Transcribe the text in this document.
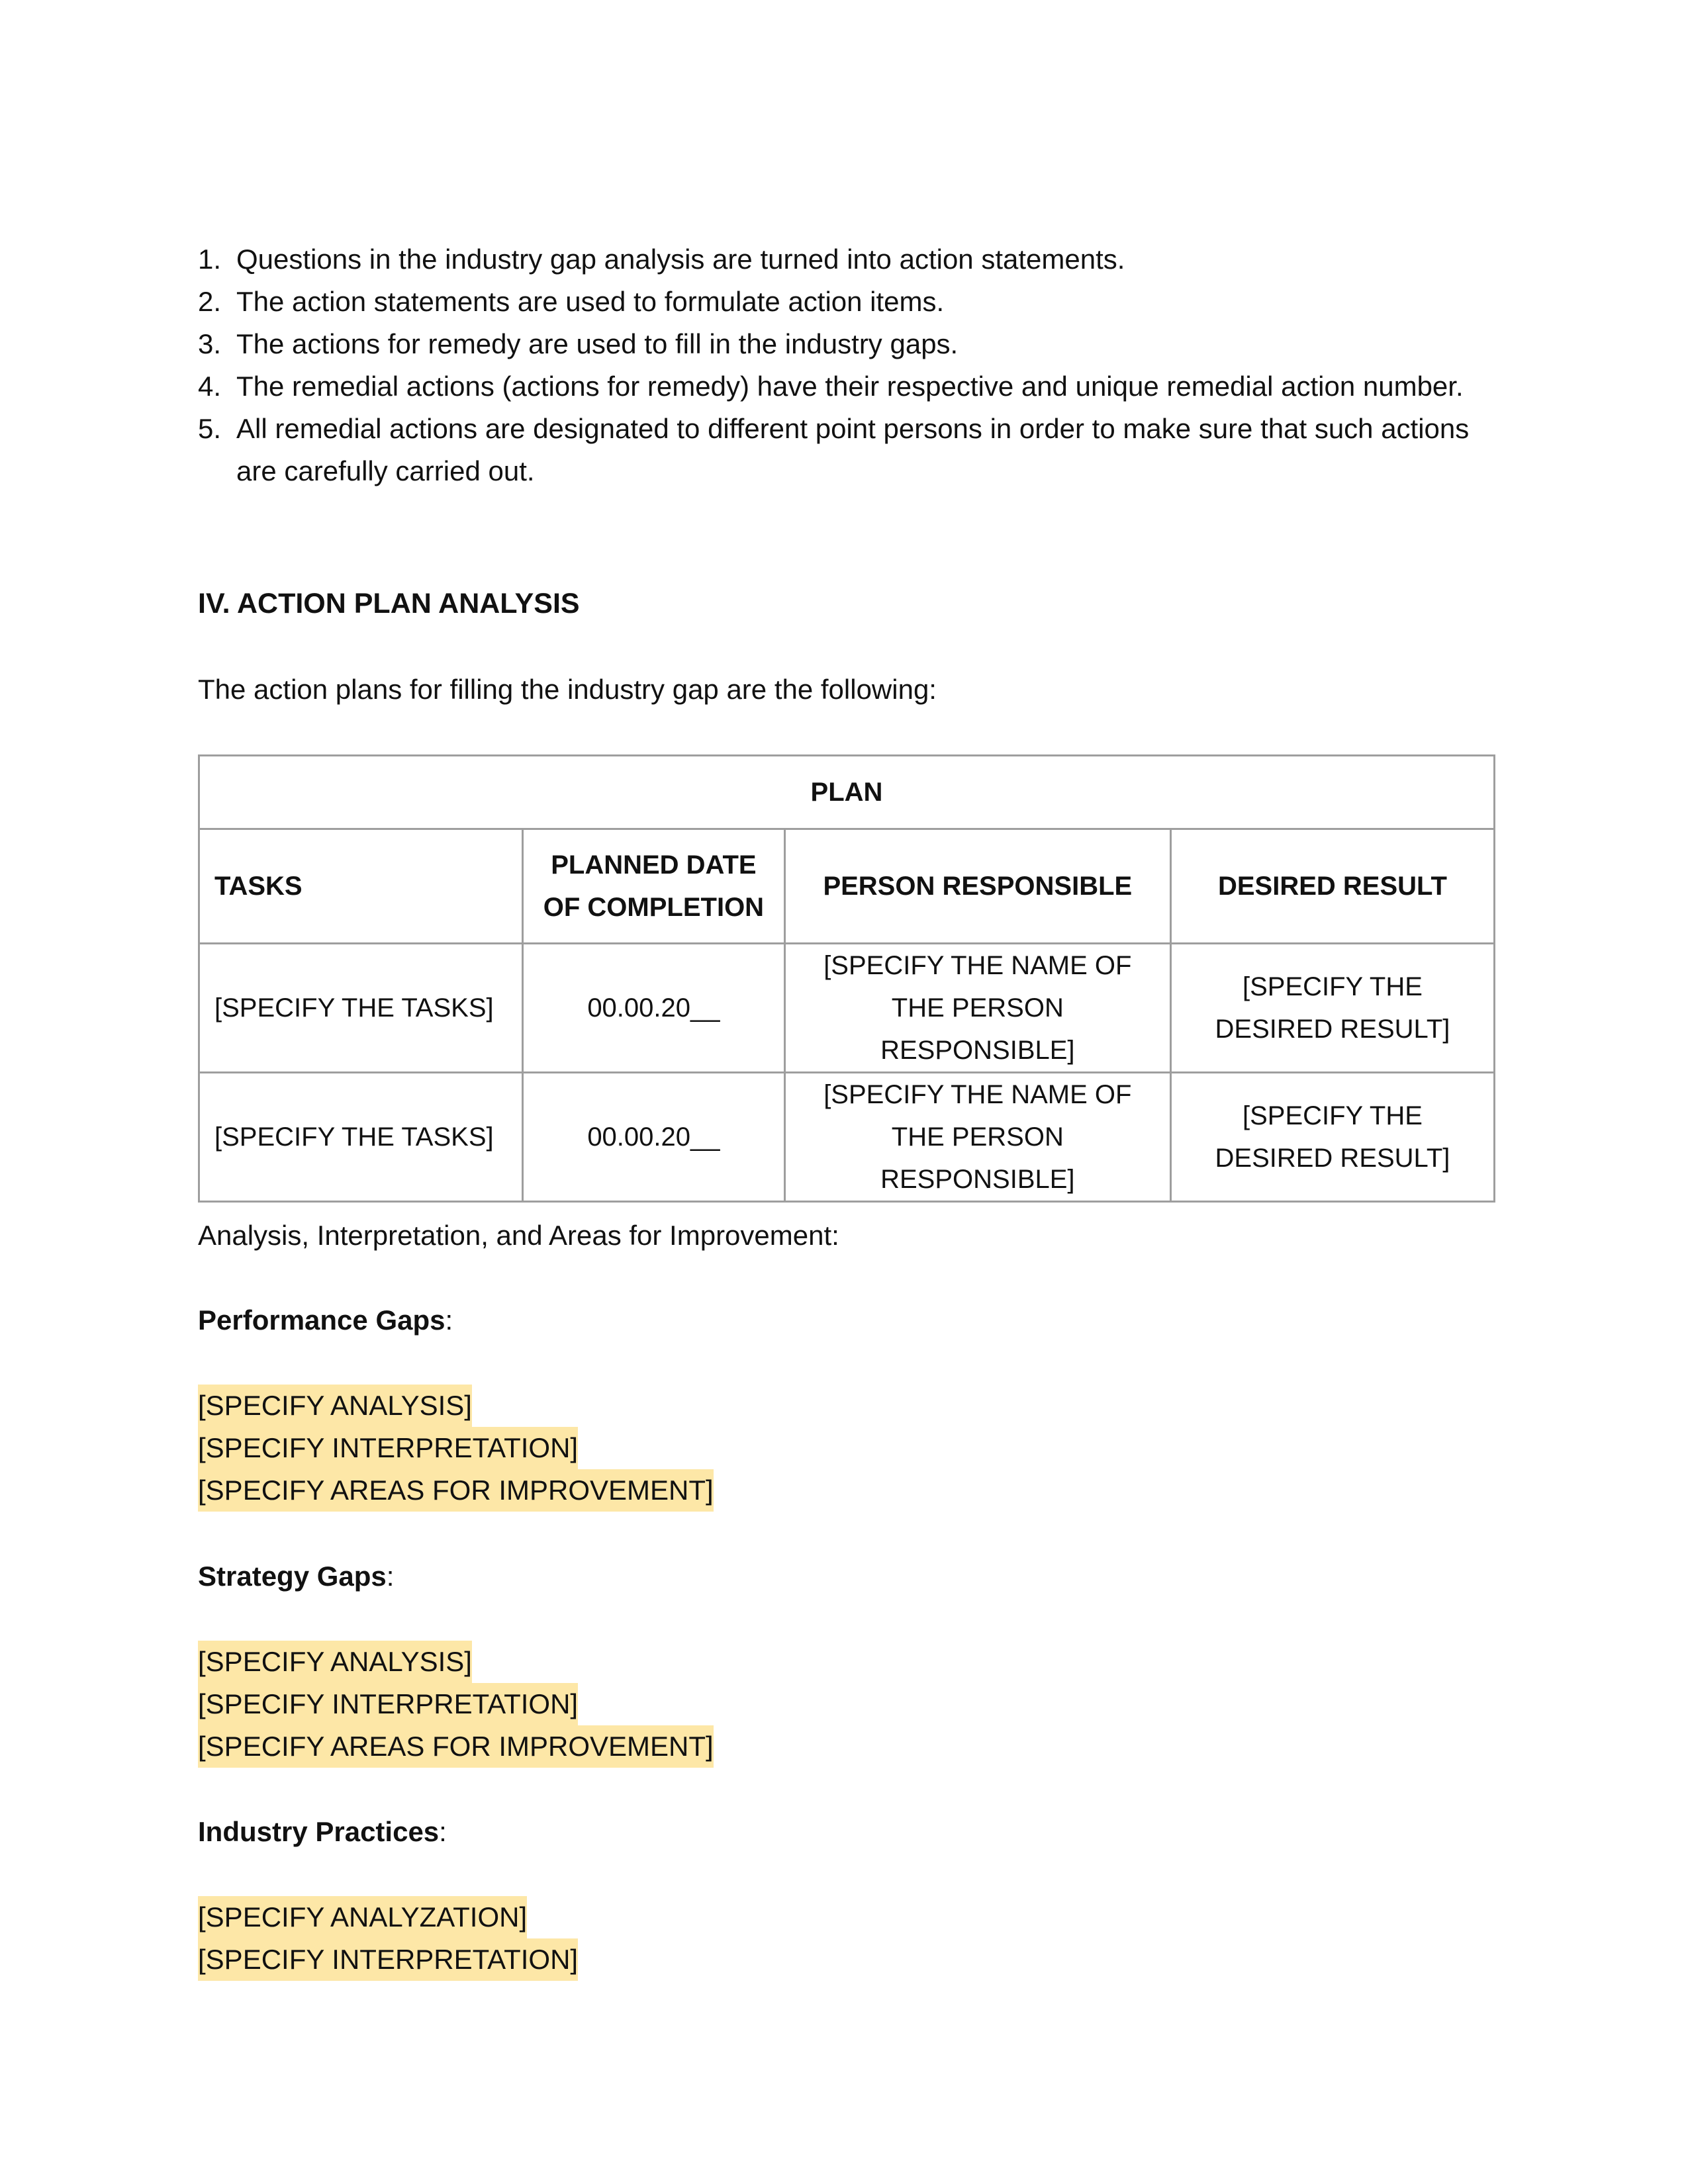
1. Questions in the industry gap analysis are turned into action statements.
2. The action statements are used to formulate action items.
3. The actions for remedy are used to fill in the industry gaps.
4. The remedial actions (actions for remedy) have their respective and unique remedial action number.
5. All remedial actions are designated to different point persons in order to make sure that such actions are carefully carried out.
IV. ACTION PLAN ANALYSIS
The action plans for filling the industry gap are the following:
PLAN			
TASKS	PLANNED DATE OF COMPLETION	PERSON RESPONSIBLE	DESIRED RESULT
[SPECIFY THE TASKS]	00.00.20__	[SPECIFY THE NAME OF THE PERSON RESPONSIBLE]	[SPECIFY THE DESIRED RESULT]
[SPECIFY THE TASKS]	00.00.20__	[SPECIFY THE NAME OF THE PERSON RESPONSIBLE]	[SPECIFY THE DESIRED RESULT]
Analysis, Interpretation, and Areas for Improvement:
Performance Gaps:
[SPECIFY ANALYSIS]
[SPECIFY INTERPRETATION]
[SPECIFY AREAS FOR IMPROVEMENT]
Strategy Gaps:
[SPECIFY ANALYSIS]
[SPECIFY INTERPRETATION]
[SPECIFY AREAS FOR IMPROVEMENT]
Industry Practices:
[SPECIFY ANALYZATION]
[SPECIFY INTERPRETATION]
